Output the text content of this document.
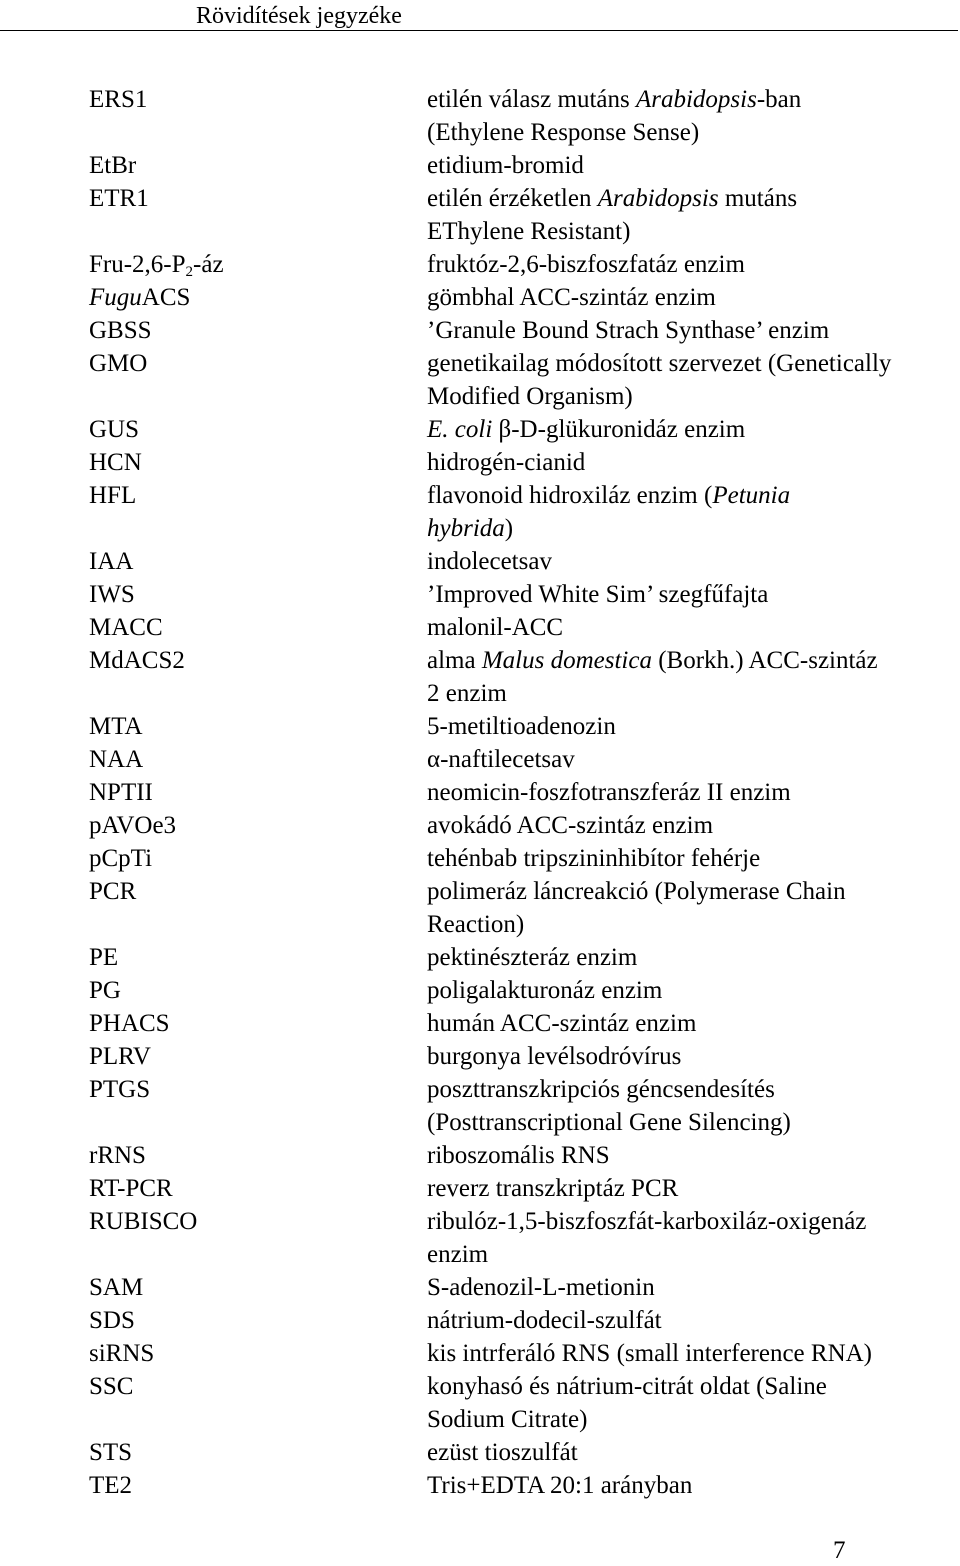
Rövidítések jegyzéke
ERS1	etilén válasz mutáns Arabidopsis-ban
(Ethylene Response Sense)
EtBr	etidium-bromid
ETR1	etilén érzéketlen Arabidopsis mutáns
EThylene Resistant)
Fru-$2,6-P_2-áz$	fruktóz-2,6-biszfoszfatáz enzim
FuguACS	gömbhal ACC-szintáz enzim
GBSS	’Granule Bound Strach Synthase’ enzim
GMO	genetikailag módosított szervezet (Genetically
Modified Organism)
GUS	E. coli β-D-glükuronidáz enzim
HCN	hidrogén-cianid
HFL	flavonoid hidroxiláz enzim (Petunia
hybrida)
IAA	indolecetsav
IWS	’Improved White Sim’ szegfűfajta
MACC	malonil-ACC
MdACS2	alma Malus domestica (Borkh.) ACC-szintáz
2 enzim
MTA	5-metiltioadenozin
NAA	α-naftilecetsav
NPTII	neomicin-foszfotranszferáz II enzim
pAVOe3	avokádó ACC-szintáz enzim
pCpTi	tehénbab tripszininhibítor fehérje
PCR	polimeráz láncreakció (Polymerase Chain
Reaction)
PE	pektinészteráz enzim
PG	poligalakturonáz enzim
PHACS	humán ACC-szintáz enzim
PLRV	burgonya levélsodróvírus
PTGS	poszttranszkripciós géncsendesítés
(Posttranscriptional Gene Silencing)
rRNS	riboszomális RNS
RT-PCR	reverz transzkriptáz PCR
RUBISCO	ribulóz-1,5-biszfoszfát-karboxiláz-oxigenáz
enzim
SAM	S-adenozil-L-metionin
SDS	nátrium-dodecil-szulfát
siRNS	kis intrferáló RNS (small interference RNA)
SSC	konyhasó és nátrium-citrát oldat (Saline
Sodium Citrate)
STS	ezüst tioszulfát
TE2	Tris+EDTA 20:1 arányban
7
